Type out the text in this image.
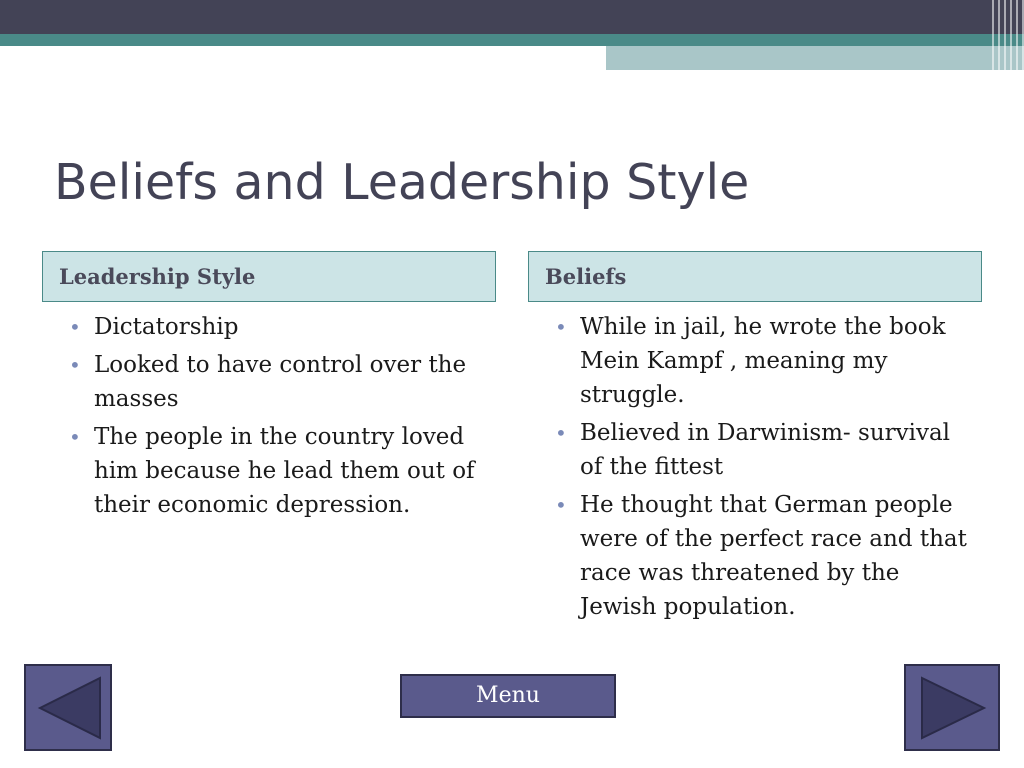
Beliefs and Leadership Style
Leadership Style	Beliefs
• Dictatorship
• Looked to have control over the masses
• The people in the country loved him because he lead them out of their economic depression.
• While in jail, he wrote the book Mein Kampf , meaning my struggle.
• Believed in Darwinism- survival of the fittest
• He thought that German people were of the perfect race and that race was threatened by the Jewish population.
Menu
